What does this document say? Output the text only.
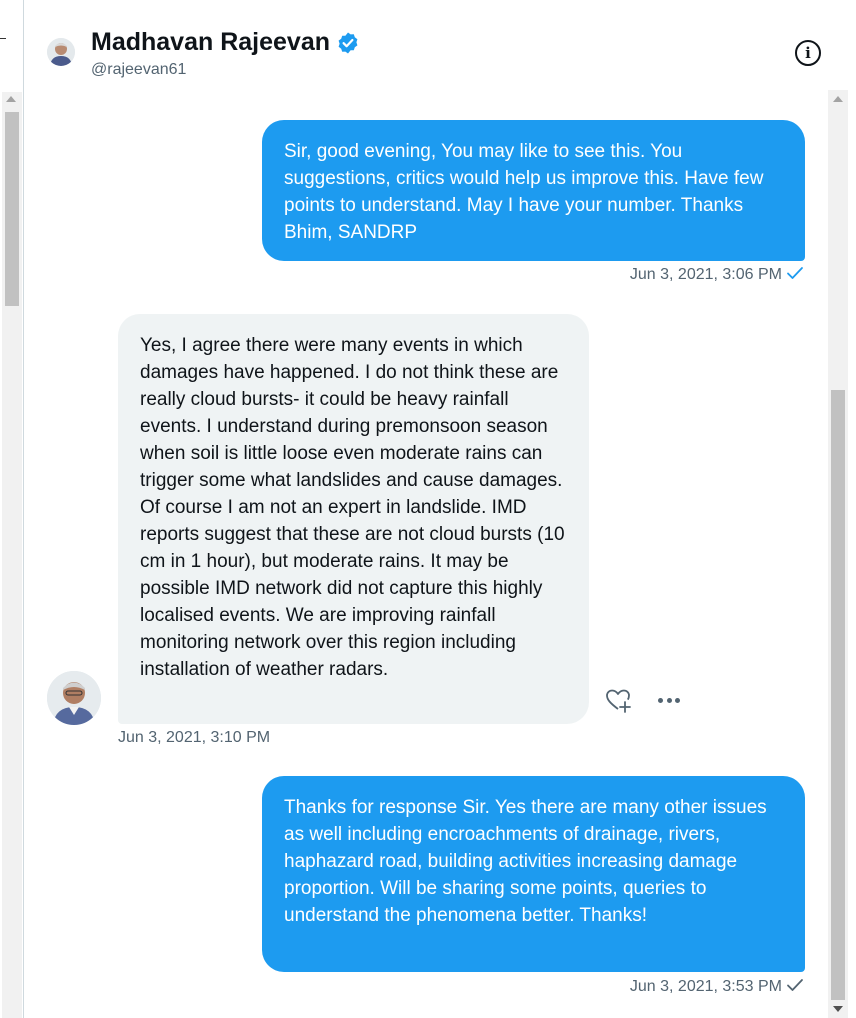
Madhavan Rajeevan
@rajeevan61
i
Sir, good evening, You may like to see this. You suggestions, critics would help us improve this. Have few points to understand. May I have your number. Thanks Bhim, SANDRP
Jun 3, 2021, 3:06 PM
Yes, I agree there were many events in which damages have happened. I do not think these are really cloud bursts- it could be heavy rainfall events. I understand during premonsoon season when soil is little loose even moderate rains can trigger some what landslides and cause damages. Of course I am not an expert in landslide. IMD reports suggest that these are not cloud bursts (10 cm in 1 hour), but moderate rains. It may be possible IMD network did not capture this highly localised events. We are improving rainfall monitoring network over this region including installation of weather radars.
Jun 3, 2021, 3:10 PM
Thanks for response Sir. Yes there are many other issues as well including encroachments of drainage, rivers, haphazard road, building activities increasing damage proportion. Will be sharing some points, queries to understand the phenomena better. Thanks!
Jun 3, 2021, 3:53 PM
